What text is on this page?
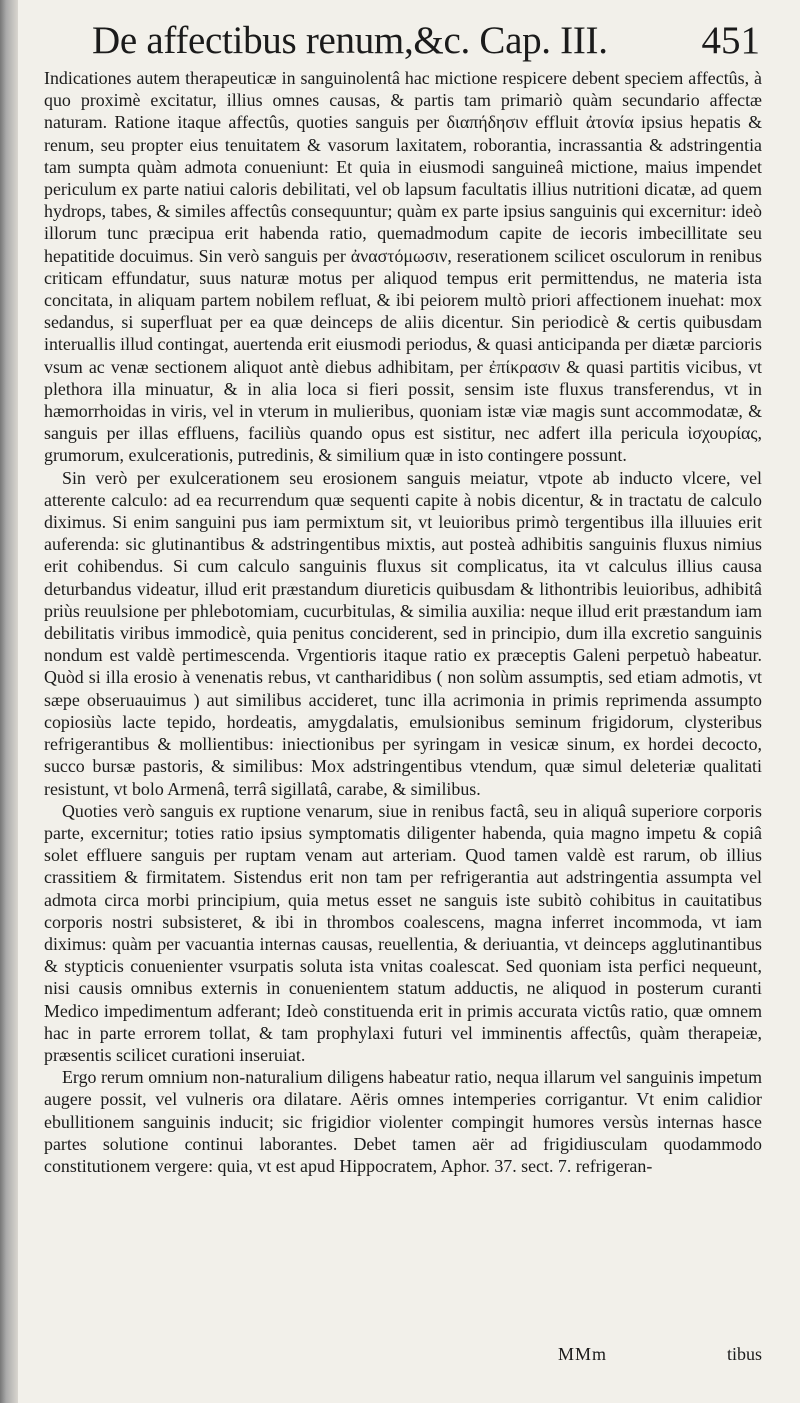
De affectibus renum,&c. Cap. III. 451

Indicationes autem therapeuticæ in sanguinolentâ hac mictione respicere debent speciem affectûs, à quo proximè excitatur, illius omnes causas, & partis tam primariò quàm secundario affectæ naturam. Ratione itaque affectûs, quoties sanguis per διαπήδησιν effluit ἀτονία ipsius hepatis & renum, seu propter eius tenuitatem & vasorum laxitatem, roborantia, incrassantia & adstringentia tam sumpta quàm admota conueniunt: Et quia in eiusmodi sanguineâ mictione, maius impendet periculum ex parte natiui caloris debilitati, vel ob lapsum facultatis illius nutritioni dicatæ, ad quem hydrops, tabes, & similes affectûs consequuntur; quàm ex parte ipsius sanguinis qui excernitur: ideò illorum tunc præcipua erit habenda ratio, quemadmodum capite de iecoris imbecillitate seu hepatitide docuimus. Sin verò sanguis per ἀναστόμωσιν, reserationem scilicet osculorum in renibus criticam effundatur, suus naturæ motus per aliquod tempus erit permittendus, ne materia ista concitata, in aliquam partem nobilem refluat, & ibi peiorem multò priori affectionem inuehat: mox sedandus, si superfluat per ea quæ deinceps de aliis dicentur. Sin periodicè & certis quibusdam interuallis illud contingat, auertenda erit eiusmodi periodus, & quasi anticipanda per diætæ parcioris vsum ac venæ sectionem aliquot antè diebus adhibitam, per ἐπίκρασιν & quasi partitis vicibus, vt plethora illa minuatur, & in alia loca si fieri possit, sensim iste fluxus transferendus, vt in hæmorrhoidas in viris, vel in vterum in mulieribus, quoniam istæ viæ magis sunt accommodatæ, & sanguis per illas effluens, faciliùs quando opus est sistitur, nec adfert illa pericula ἰσχουρίας, grumorum, exulcerationis, putredinis, & similium quæ in isto contingere possunt.

Sin verò per exulcerationem seu erosionem sanguis meiatur, vtpote ab inducto vlcere, vel atterente calculo: ad ea recurrendum quæ sequenti capite à nobis dicentur, & in tractatu de calculo diximus. Si enim sanguini pus iam permixtum sit, vt leuioribus primò tergentibus illa illuuies erit auferenda: sic glutinantibus & adstringentibus mixtis, aut posteà adhibitis sanguinis fluxus nimius erit cohibendus. Si cum calculo sanguinis fluxus sit complicatus, ita vt calculus illius causa deturbandus videatur, illud erit præstandum diureticis quibusdam & lithontribis leuioribus, adhibitâ priùs reuulsione per phlebotomiam, cucurbitulas, & similia auxilia: neque illud erit præstandum iam debilitatis viribus immodicè, quia penitus conciderent, sed in principio, dum illa excretio sanguinis nondum est valdè pertimescenda. Vrgentioris itaque ratio ex præceptis Galeni perpetuò habeatur. Quòd si illa erosio à venenatis rebus, vt cantharidibus ( non solùm assumptis, sed etiam admotis, vt sæpe obseruauimus ) aut similibus accideret, tunc illa acrimonia in primis reprimenda assumpto copiosiùs lacte tepido, hordeatis, amygdalatis, emulsionibus seminum frigidorum, clysteribus refrigerantibus & mollientibus: iniectionibus per syringam in vesicæ sinum, ex hordei decocto, succo bursæ pastoris, & similibus: Mox adstringentibus vtendum, quæ simul deleteriæ qualitati resistunt, vt bolo Armenâ, terrâ sigillatâ, carabe, & similibus.

Quoties verò sanguis ex ruptione venarum, siue in renibus factâ, seu in aliquâ superiore corporis parte, excernitur; toties ratio ipsius symptomatis diligenter habenda, quia magno impetu & copiâ solet effluere sanguis per ruptam venam aut arteriam. Quod tamen valdè est rarum, ob illius crassitiem & firmitatem. Sistendus erit non tam per refrigerantia aut adstringentia assumpta vel admota circa morbi principium, quia metus esset ne sanguis iste subitò cohibitus in cauitatibus corporis nostri subsisteret, & ibi in thrombos coalescens, magna inferret incommoda, vt iam diximus: quàm per vacuantia internas causas, reuellentia, & deriuantia, vt deinceps agglutinantibus & stypticis conuenienter vsurpatis soluta ista vnitas coalescat. Sed quoniam ista perfici nequeunt, nisi causis omnibus externis in conuenientem statum adductis, ne aliquod in posterum curanti Medico impedimentum adferant; Ideò constituenda erit in primis accurata victûs ratio, quæ omnem hac in parte errorem tollat, & tam prophylaxi futuri vel imminentis affectûs, quàm therapeiæ, præsentis scilicet curationi inseruiat.

Ergo rerum omnium non-naturalium diligens habeatur ratio, nequa illarum vel sanguinis impetum augere possit, vel vulneris ora dilatare. Aëris omnes intemperies corrigantur. Vt enim calidior ebullitionem sanguinis inducit; sic frigidior violenter compingit humores versùs internas hasce partes solutione continui laborantes. Debet tamen aër ad frigidiusculam quodammodo constitutionem vergere: quia, vt est apud Hippocratem, Aphor. 37. sect. 7. refrigeran-

MMm	tibus
